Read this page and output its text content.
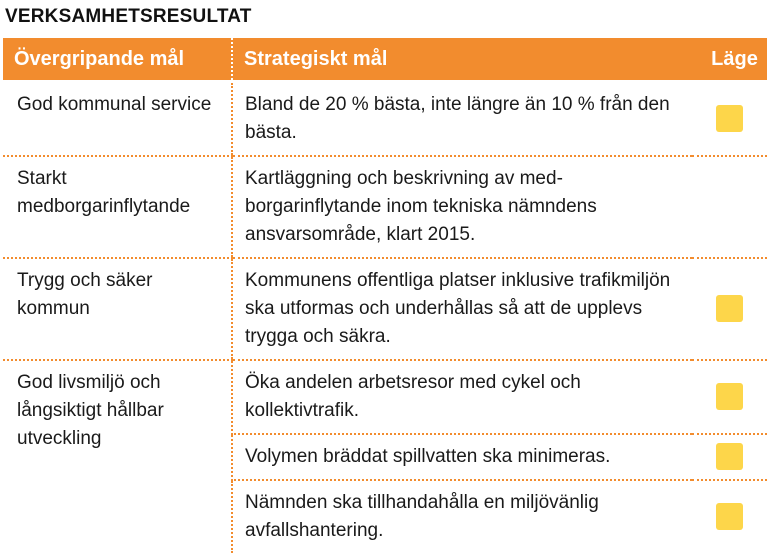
VERKSAMHETSRESULTAT
Övergripande mål	Strategiskt mål	Läge
God kommunal service	Bland de 20 % bästa, inte längre än 10 % från den bästa.	
Starkt medborgarinflytande	Kartläggning och beskrivning av med-borgarinflytande inom tekniska nämndens ansvarsområde, klart 2015.	
Trygg och säker kommun	Kommunens offentliga platser inklusive trafikmiljön ska utformas och underhållas så att de upplevs trygga och säkra.	
God livsmiljö och långsiktigt hållbar utveckling	Öka andelen arbetsresor med cykel och kollektivtrafik.	
	Volymen bräddat spillvatten ska minimeras.	
	Nämnden ska tillhandahålla en miljövänlig avfallshantering.	
